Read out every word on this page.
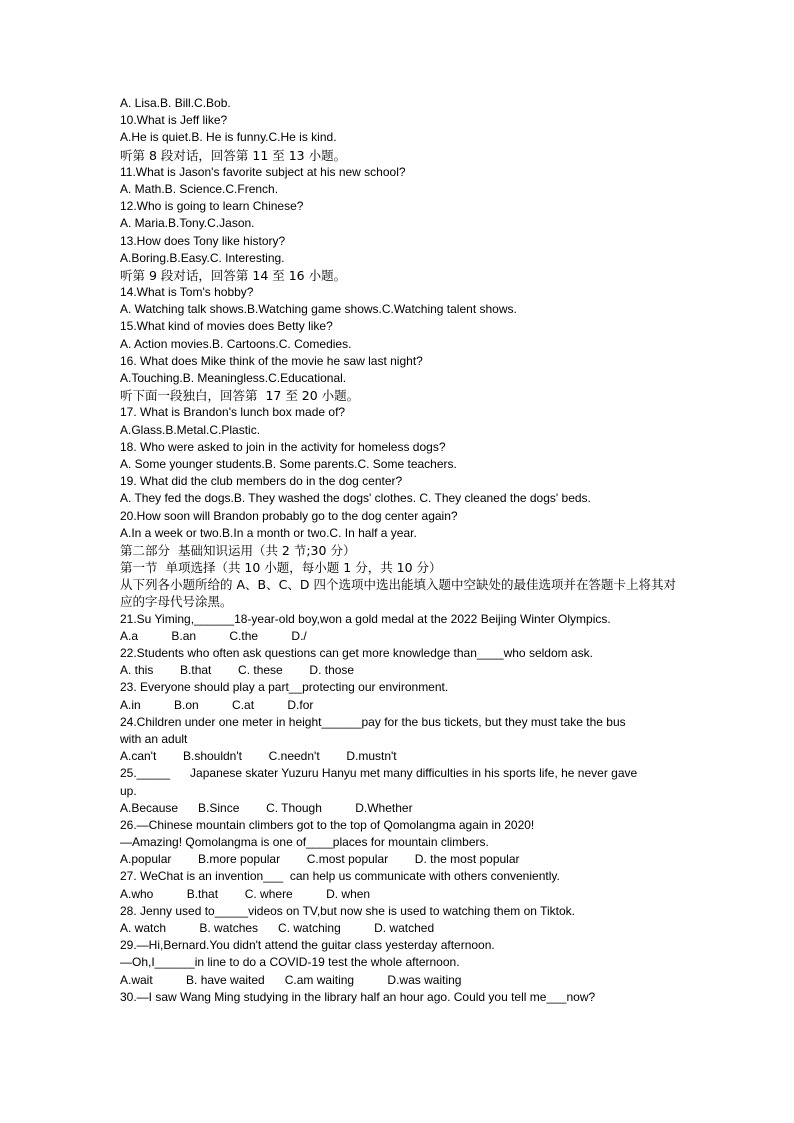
A. Lisa.B. Bill.C.Bob.
10.What is Jeff like?
A.He is quiet.B. He is funny.C.He is kind.
听第 8 段对话，回答第 11 至 13 小题。
11.What is Jason's favorite subject at his new school?
A. Math.B. Science.C.French.
12.Who is going to learn Chinese?
A. Maria.B.Tony.C.Jason.
13.How does Tony like history?
A.Boring.B.Easy.C. Interesting.
听第 9 段对话，回答第 14 至 16 小题。
14.What is Tom's hobby?
A. Watching talk shows.B.Watching game shows.C.Watching talent shows.
15.What kind of movies does Betty like?
A. Action movies.B. Cartoons.C. Comedies.
16. What does Mike think of the movie he saw last night?
A.Touching.B. Meaningless.C.Educational.
听下面一段独白，回答第  17 至 20 小题。
17. What is Brandon's lunch box made of?
A.Glass.B.Metal.C.Plastic.
18. Who were asked to join in the activity for homeless dogs?
A. Some younger students.B. Some parents.C. Some teachers.
19. What did the club members do in the dog center?
A. They fed the dogs.B. They washed the dogs' clothes. C. They cleaned the dogs' beds.
20.How soon will Brandon probably go to the dog center again?
A.In a week or two.B.In a month or two.C. In half a year.
第二部分  基础知识运用（共 2 节;30 分）
第一节  单项选择（共 10 小题，每小题 1 分，共 10 分）
从下列各小题所给的 A、B、C、D 四个选项中选出能填入题中空缺处的最佳选项并在答题卡上将其对应的字母代号涂黑。
21.Su Yiming,______18-year-old boy,won a gold medal at the 2022 Beijing Winter Olympics.
A.a          B.an          C.the          D./
22.Students who often ask questions can get more knowledge than____who seldom ask.
A. this        B.that        C. these        D. those
23. Everyone should play a part__protecting our environment.
A.in          B.on          C.at          D.for
24.Children under one meter in height______pay for the bus tickets, but they must take the bus
with an adult
A.can't        B.shouldn't        C.needn't        D.mustn't
25._____      Japanese skater Yuzuru Hanyu met many difficulties in his sports life, he never gave
up.
A.Because      B.Since        C. Though          D.Whether
26.—Chinese mountain climbers got to the top of Qomolangma again in 2020!
—Amazing! Qomolangma is one of____places for mountain climbers.
A.popular        B.more popular        C.most popular        D. the most popular
27. WeChat is an invention___  can help us communicate with others conveniently.
A.who          B.that        C. where          D. when
28. Jenny used to_____videos on TV,but now she is used to watching them on Tiktok.
A. watch          B. watches      C. watching          D. watched
29.—Hi,Bernard.You didn't attend the guitar class yesterday afternoon.
—Oh,I______in line to do a COVID-19 test the whole afternoon.
A.wait          B. have waited      C.am waiting          D.was waiting
30.—I saw Wang Ming studying in the library half an hour ago. Could you tell me___now?
